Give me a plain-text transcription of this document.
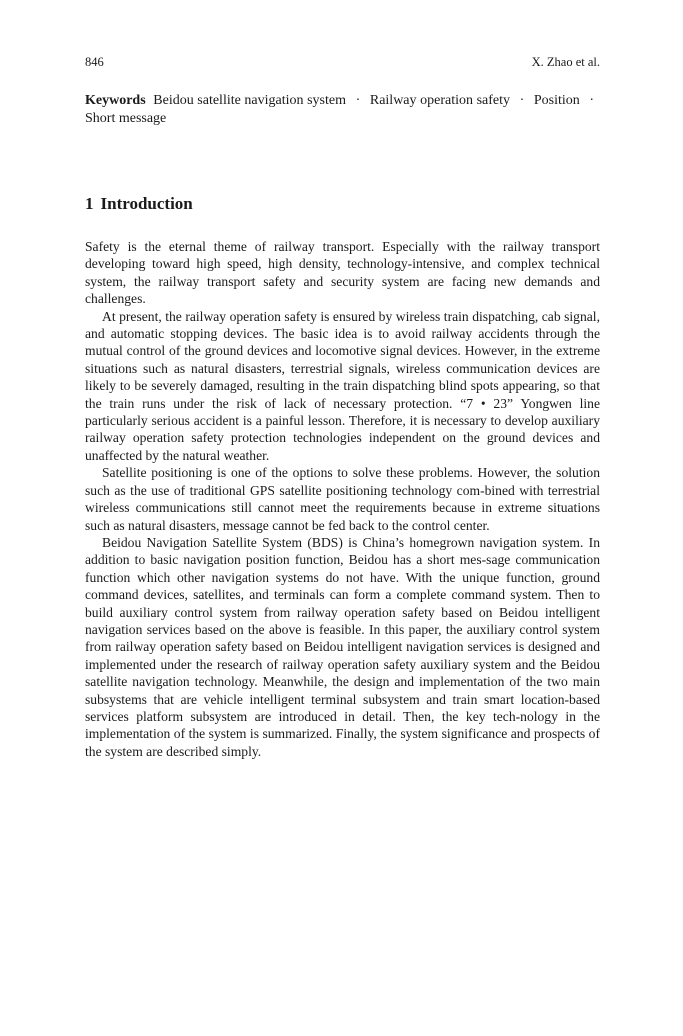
846	X. Zhao et al.
Keywords Beidou satellite navigation system · Railway operation safety · Position · Short message
1 Introduction

Safety is the eternal theme of railway transport. Especially with the railway transport developing toward high speed, high density, technology-intensive, and complex technical system, the railway transport safety and security system are facing new demands and challenges.

At present, the railway operation safety is ensured by wireless train dispatching, cab signal, and automatic stopping devices. The basic idea is to avoid railway accidents through the mutual control of the ground devices and locomotive signal devices. However, in the extreme situations such as natural disasters, terrestrial signals, wireless communication devices are likely to be severely damaged, resulting in the train dispatching blind spots appearing, so that the train runs under the risk of lack of necessary protection. “7 • 23” Yongwen line particularly serious accident is a painful lesson. Therefore, it is necessary to develop auxiliary railway operation safety protection technologies independent on the ground devices and unaffected by the natural weather.

Satellite positioning is one of the options to solve these problems. However, the solution such as the use of traditional GPS satellite positioning technology com-bined with terrestrial wireless communications still cannot meet the requirements because in extreme situations such as natural disasters, message cannot be fed back to the control center.

Beidou Navigation Satellite System (BDS) is China’s homegrown navigation system. In addition to basic navigation position function, Beidou has a short mes-sage communication function which other navigation systems do not have. With the unique function, ground command devices, satellites, and terminals can form a complete command system. Then to build auxiliary control system from railway operation safety based on Beidou intelligent navigation services based on the above is feasible. In this paper, the auxiliary control system from railway operation safety based on Beidou intelligent navigation services is designed and implemented under the research of railway operation safety auxiliary system and the Beidou satellite navigation technology. Meanwhile, the design and implementation of the two main subsystems that are vehicle intelligent terminal subsystem and train smart location-based services platform subsystem are introduced in detail. Then, the key tech-nology in the implementation of the system is summarized. Finally, the system significance and prospects of the system are described simply.
